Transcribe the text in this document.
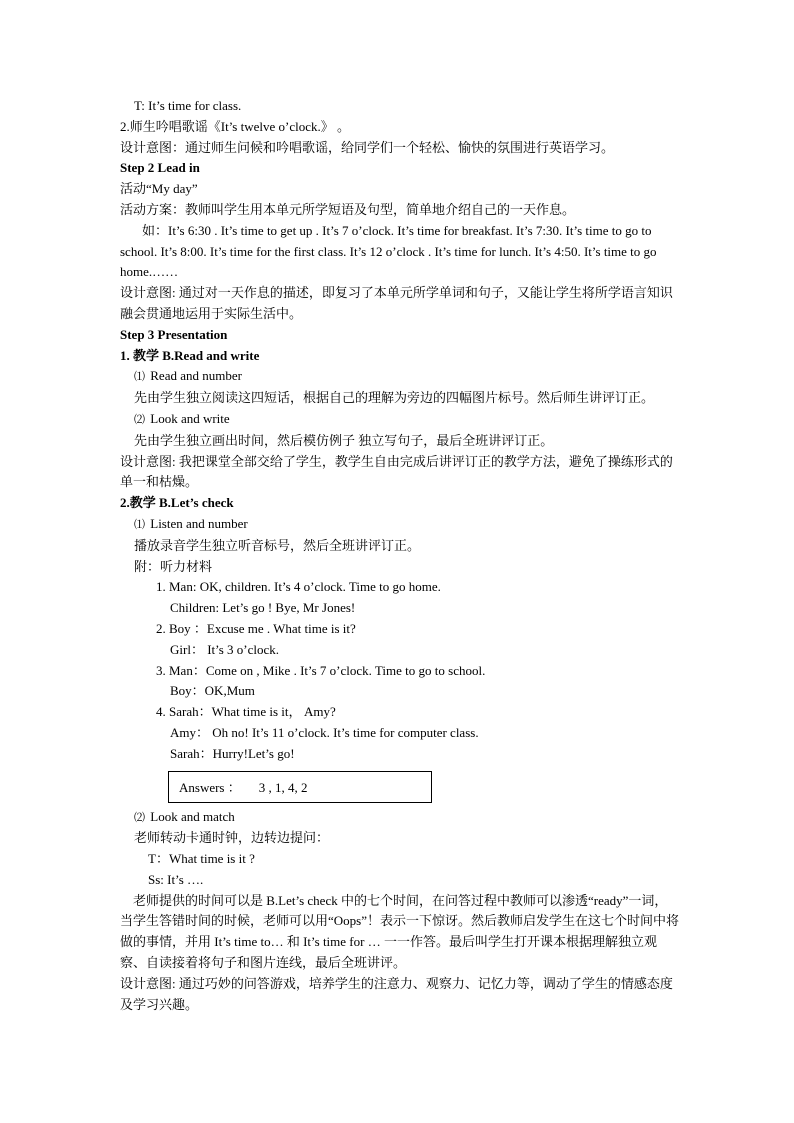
T: It’s time for class.

2.师生吟唱歌谣《It’s twelve o’clock.》 。

设计意图：通过师生问候和吟唱歌谣，给同学们一个轻松、愉快的氛围进行英语学习。

Step 2 Lead in

活动“My day”

活动方案：教师叫学生用本单元所学短语及句型，简单地介绍自己的一天作息。

如：It’s 6:30 . It’s time to get up . It’s 7 o’clock. It’s time for breakfast. It’s 7:30. It’s time to go to school. It’s 8:00. It’s time for the first class. It’s 12 o’clock . It’s time for lunch. It’s 4:50. It’s time to go home.……

设计意图: 通过对一天作息的描述，即复习了本单元所学单词和句子，又能让学生将所学语言知识融会贯通地运用于实际生活中。

Step 3 Presentation

1. 教学 B.Read and write

⑴ Read and number

先由学生独立阅读这四短话，根据自己的理解为旁边的四幅图片标号。然后师生讲评订正。

⑵ Look and write

先由学生独立画出时间，然后模仿例子 独立写句子，最后全班讲评订正。

设计意图: 我把课堂全部交给了学生，教学生自由完成后讲评订正的教学方法，避免了操练形式的单一和枯燥。

2.教学 B.Let’s check

⑴ Listen and number

播放录音学生独立听音标号，然后全班讲评订正。

附：听力材料

1. Man: OK, children. It’s 4 o’clock. Time to go home.

Children: Let’s go ! Bye, Mr Jones!

2. Boy ：Excuse me . What time is it?

Girl： It’s 3 o’clock.

3. Man：Come on , Mike . It’s 7 o’clock. Time to go to school.

Boy：OK,Mum

4. Sarah：What time is it， Amy?

Amy： Oh no! It’s 11 o’clock. It’s time for computer class.

Sarah：Hurry!Let’s go!

Answers ： 3 , 1, 4, 2

⑵ Look and match

老师转动卡通时钟，边转边提问：

T：What time is it ?

Ss: It’s ….

老师提供的时间可以是 B.Let’s check 中的七个时间，在问答过程中教师可以渗透“ready”一词，当学生答错时间的时候，老师可以用“Oops”！表示一下惊讶。然后教师启发学生在这七个时间中将做的事情，并用 It’s time to… 和 It’s time for … 一一作答。最后叫学生打开课本根据理解独立观察、自读接着将句子和图片连线，最后全班讲评。

设计意图: 通过巧妙的问答游戏，培养学生的注意力、观察力、记忆力等，调动了学生的情感态度及学习兴趣。
